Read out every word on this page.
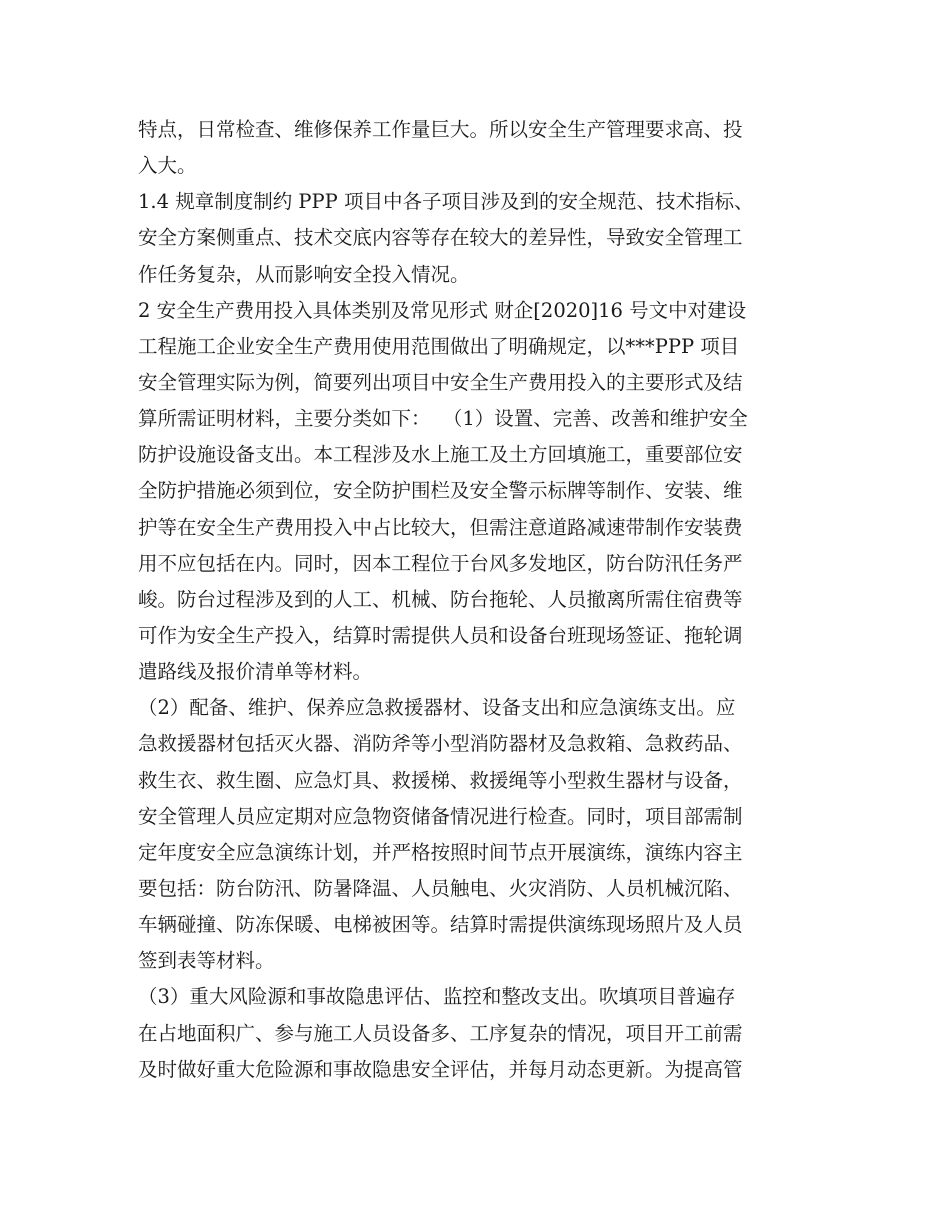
特点，日常检查、维修保养工作量巨大。所以安全生产管理要求高、投
入大。
1.4 规章制度制约 PPP 项目中各子项目涉及到的安全规范、技术指标、
安全方案侧重点、技术交底内容等存在较大的差异性，导致安全管理工
作任务复杂，从而影响安全投入情况。
2 安全生产费用投入具体类别及常见形式 财企[2020]16 号文中对建设
工程施工企业安全生产费用使用范围做出了明确规定，以***PPP 项目
安全管理实际为例，简要列出项目中安全生产费用投入的主要形式及结
算所需证明材料，主要分类如下：  （1）设置、完善、改善和维护安全
防护设施设备支出。本工程涉及水上施工及土方回填施工，重要部位安
全防护措施必须到位，安全防护围栏及安全警示标牌等制作、安装、维
护等在安全生产费用投入中占比较大，但需注意道路减速带制作安装费
用不应包括在内。同时，因本工程位于台风多发地区，防台防汛任务严
峻。防台过程涉及到的人工、机械、防台拖轮、人员撤离所需住宿费等
可作为安全生产投入，结算时需提供人员和设备台班现场签证、拖轮调
遣路线及报价清单等材料。
（2）配备、维护、保养应急救援器材、设备支出和应急演练支出。应
急救援器材包括灭火器、消防斧等小型消防器材及急救箱、急救药品、
救生衣、救生圈、应急灯具、救援梯、救援绳等小型救生器材与设备，
安全管理人员应定期对应急物资储备情况进行检查。同时，项目部需制
定年度安全应急演练计划，并严格按照时间节点开展演练，演练内容主
要包括：防台防汛、防暑降温、人员触电、火灾消防、人员机械沉陷、
车辆碰撞、防冻保暖、电梯被困等。结算时需提供演练现场照片及人员
签到表等材料。
（3）重大风险源和事故隐患评估、监控和整改支出。吹填项目普遍存
在占地面积广、参与施工人员设备多、工序复杂的情况，项目开工前需
及时做好重大危险源和事故隐患安全评估，并每月动态更新。为提高管
